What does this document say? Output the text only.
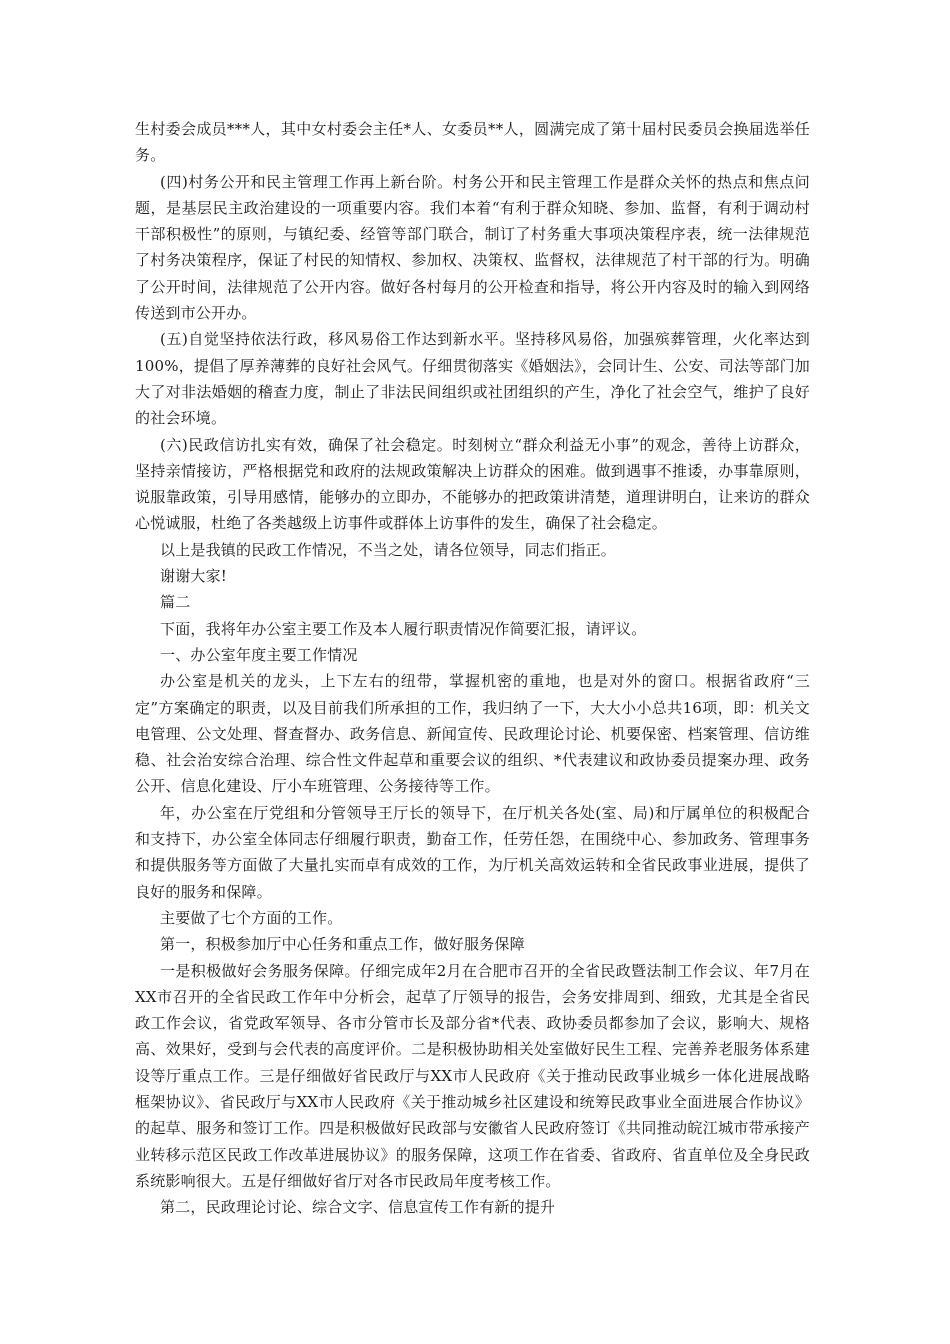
生村委会成员***人，其中女村委会主任*人、女委员**人，圆满完成了第十届村民委员会换届选举任务。

(四)村务公开和民主管理工作再上新台阶。村务公开和民主管理工作是群众关怀的热点和焦点问题，是基层民主政治建设的一项重要内容。我们本着“有利于群众知晓、参加、监督，有利于调动村干部积极性”的原则，与镇纪委、经管等部门联合，制订了村务重大事项决策程序表，统一法律规范了村务决策程序，保证了村民的知情权、参加权、决策权、监督权，法律规范了村干部的行为。明确了公开时间，法律规范了公开内容。做好各村每月的公开检查和指导，将公开内容及时的输入到网络传送到市公开办。

(五)自觉坚持依法行政，移风易俗工作达到新水平。坚持移风易俗，加强殡葬管理，火化率达到100%，提倡了厚养薄葬的良好社会风气。仔细贯彻落实《婚姻法》，会同计生、公安、司法等部门加大了对非法婚姻的稽查力度，制止了非法民间组织或社团组织的产生，净化了社会空气，维护了良好的社会环境。

(六)民政信访扎实有效，确保了社会稳定。时刻树立“群众利益无小事”的观念，善待上访群众，坚持亲情接访，严格根据党和政府的法规政策解决上访群众的困难。做到遇事不推诿，办事靠原则，说服靠政策，引导用感情，能够办的立即办，不能够办的把政策讲清楚，道理讲明白，让来访的群众心悦诚服，杜绝了各类越级上访事件或群体上访事件的发生，确保了社会稳定。

以上是我镇的民政工作情况，不当之处，请各位领导，同志们指正。

谢谢大家!

篇二

下面，我将年办公室主要工作及本人履行职责情况作简要汇报，请评议。

一、办公室年度主要工作情况

办公室是机关的龙头，上下左右的纽带，掌握机密的重地，也是对外的窗口。根据省政府“三定”方案确定的职责，以及目前我们所承担的工作，我归纳了一下，大大小小总共16项，即：机关文电管理、公文处理、督查督办、政务信息、新闻宣传、民政理论讨论、机要保密、档案管理、信访维稳、社会治安综合治理、综合性文件起草和重要会议的组织、*代表建议和政协委员提案办理、政务公开、信息化建设、厅小车班管理、公务接待等工作。

年，办公室在厅党组和分管领导王厅长的领导下，在厅机关各处(室、局)和厅属单位的积极配合和支持下，办公室全体同志仔细履行职责，勤奋工作，任劳任怨，在围绕中心、参加政务、管理事务和提供服务等方面做了大量扎实而卓有成效的工作，为厅机关高效运转和全省民政事业进展，提供了良好的服务和保障。

主要做了七个方面的工作。

第一，积极参加厅中心任务和重点工作，做好服务保障

一是积极做好会务服务保障。仔细完成年2月在合肥市召开的全省民政暨法制工作会议、年7月在XX市召开的全省民政工作年中分析会，起草了厅领导的报告，会务安排周到、细致，尤其是全省民政工作会议，省党政军领导、各市分管市长及部分省*代表、政协委员都参加了会议，影响大、规格高、效果好，受到与会代表的高度评价。二是积极协助相关处室做好民生工程、完善养老服务体系建设等厅重点工作。三是仔细做好省民政厅与XX市人民政府《关于推动民政事业城乡一体化进展战略框架协议》、省民政厅与XX市人民政府《关于推动城乡社区建设和统筹民政事业全面进展合作协议》的起草、服务和签订工作。四是积极做好民政部与安徽省人民政府签订《共同推动皖江城市带承接产业转移示范区民政工作改革进展协议》的服务保障，这项工作在省委、省政府、省直单位及全身民政系统影响很大。五是仔细做好省厅对各市民政局年度考核工作。

第二，民政理论讨论、综合文字、信息宣传工作有新的提升
